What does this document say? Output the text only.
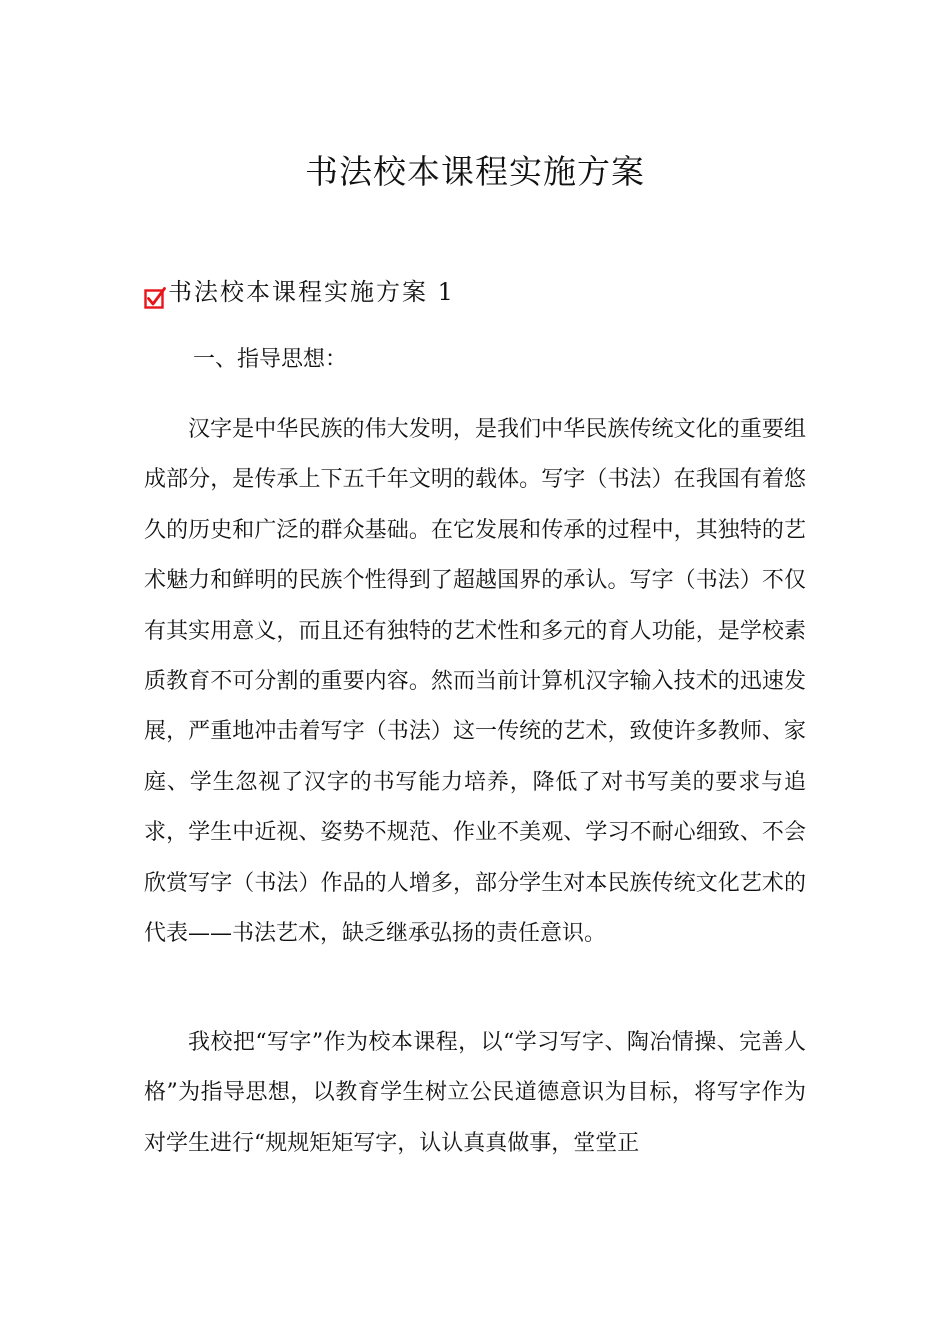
书法校本课程实施方案
书法校本课程实施方案 1
一、指导思想：

汉字是中华民族的伟大发明，是我们中华民族传统文化的重要组成部分，是传承上下五千年文明的载体。写字（书法）在我国有着悠久的历史和广泛的群众基础。在它发展和传承的过程中，其独特的艺术魅力和鲜明的民族个性得到了超越国界的承认。写字（书法）不仅有其实用意义，而且还有独特的艺术性和多元的育人功能，是学校素质教育不可分割的重要内容。然而当前计算机汉字输入技术的迅速发展，严重地冲击着写字（书法）这一传统的艺术，致使许多教师、家庭、学生忽视了汉字的书写能力培养，降低了对书写美的要求与追求，学生中近视、姿势不规范、作业不美观、学习不耐心细致、不会欣赏写字（书法）作品的人增多，部分学生对本民族传统文化艺术的代表——书法艺术，缺乏继承弘扬的责任意识。

我校把“写字”作为校本课程，以“学习写字、陶冶情操、完善人格”为指导思想，以教育学生树立公民道德意识为目标，将写字作为对学生进行“规规矩矩写字，认认真真做事，堂堂正
